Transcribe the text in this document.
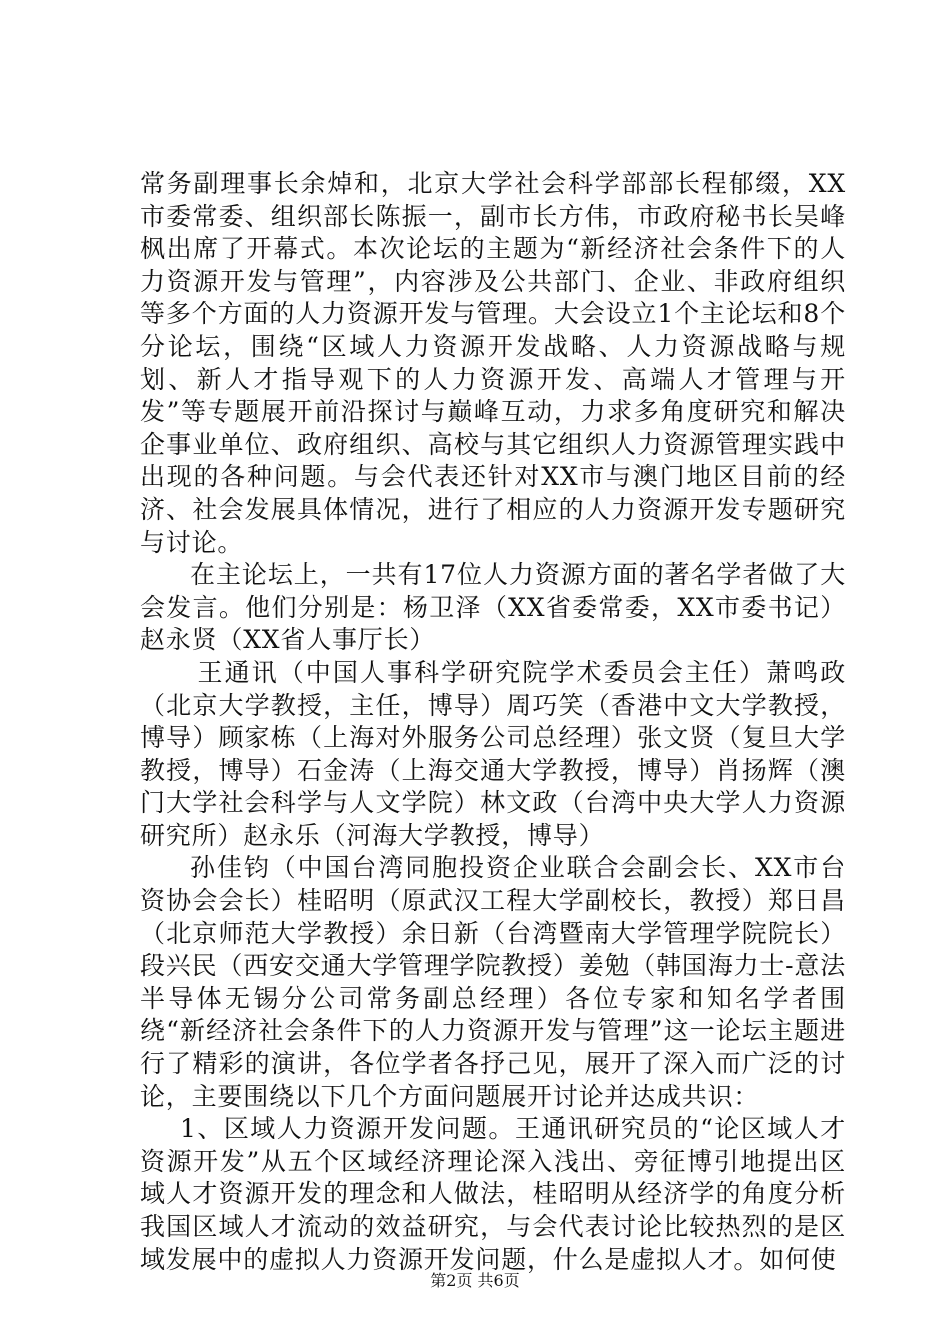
常务副理事长余焯和，北京大学社会科学部部长程郁缀，XX市委常委、组织部长陈振一，副市长方伟，市政府秘书长吴峰枫出席了开幕式。本次论坛的主题为“新经济社会条件下的人力资源开发与管理”，内容涉及公共部门、企业、非政府组织等多个方面的人力资源开发与管理。大会设立1个主论坛和8个分论坛，围绕“区域人力资源开发战略、人力资源战略与规划、新人才指导观下的人力资源开发、高端人才管理与开发”等专题展开前沿探讨与巅峰互动，力求多角度研究和解决企事业单位、政府组织、高校与其它组织人力资源管理实践中出现的各种问题。与会代表还针对XX市与澳门地区目前的经济、社会发展具体情况，进行了相应的人力资源开发专题研究与讨论。

在主论坛上，一共有17位人力资源方面的著名学者做了大会发言。他们分别是：杨卫泽（XX省委常委，XX市委书记）赵永贤（XX省人事厅长）

王通讯（中国人事科学研究院学术委员会主任）萧鸣政（北京大学教授，主任，博导）周巧笑（香港中文大学教授，博导）顾家栋（上海对外服务公司总经理）张文贤（复旦大学教授，博导）石金涛（上海交通大学教授，博导）肖扬辉（澳门大学社会科学与人文学院）林文政（台湾中央大学人力资源研究所）赵永乐（河海大学教授，博导）

孙佳钧（中国台湾同胞投资企业联合会副会长、XX市台资协会会长）桂昭明（原武汉工程大学副校长，教授）郑日昌（北京师范大学教授）余日新（台湾暨南大学管理学院院长）段兴民（西安交通大学管理学院教授）姜勉（韩国海力士-意法半导体无锡分公司常务副总经理）各位专家和知名学者围绕“新经济社会条件下的人力资源开发与管理”这一论坛主题进行了精彩的演讲，各位学者各抒己见，展开了深入而广泛的讨论，主要围绕以下几个方面问题展开讨论并达成共识：

1、区域人力资源开发问题。王通讯研究员的“论区域人才资源开发”从五个区域经济理论深入浅出、旁征博引地提出区域人才资源开发的理念和人做法，桂昭明从经济学的角度分析我国区域人才流动的效益研究，与会代表讨论比较热烈的是区域发展中的虚拟人力资源开发问题，什么是虚拟人才。如何使

第2页 共6页
